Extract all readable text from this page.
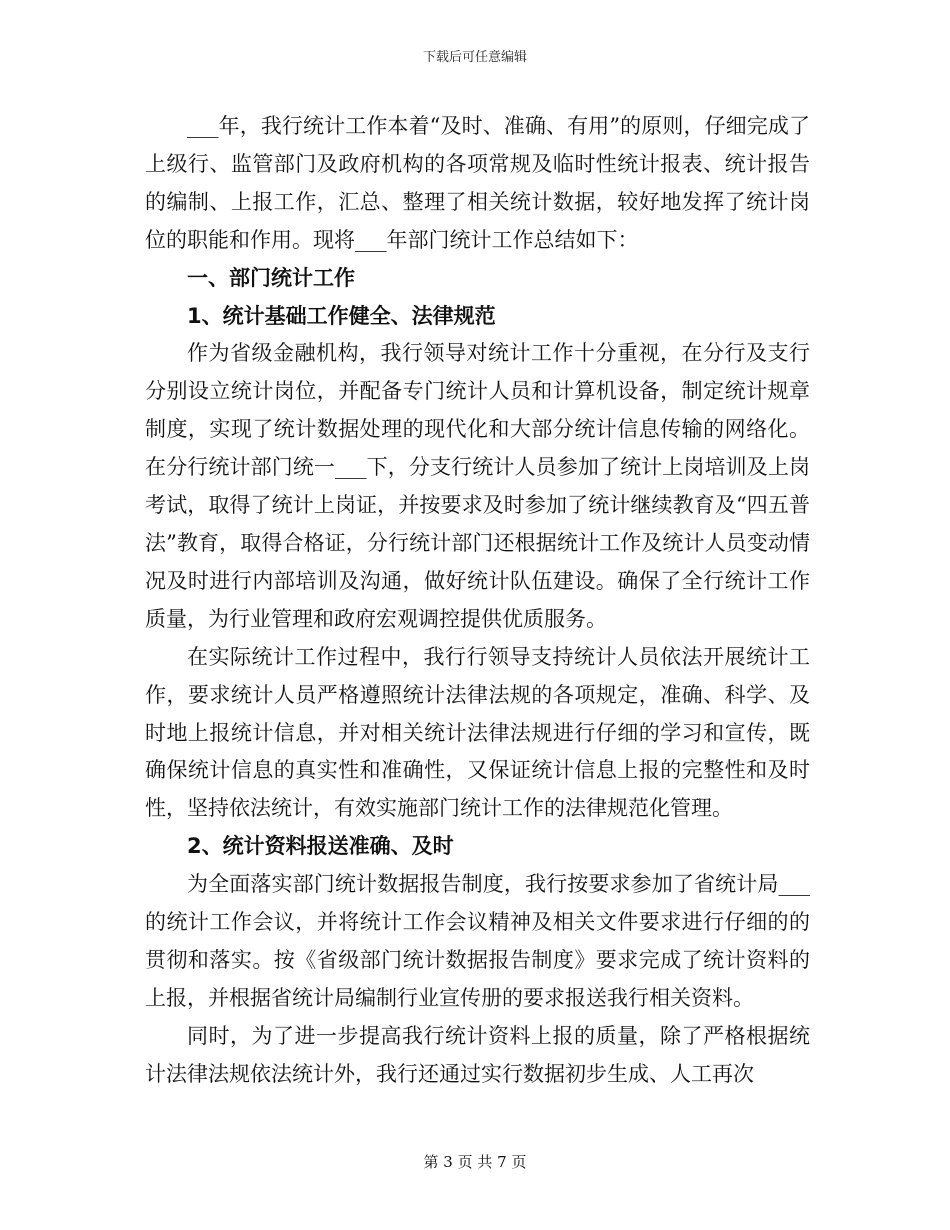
下载后可任意编辑

___年，我行统计工作本着“及时、准确、有用”的原则，仔细完成了上级行、监管部门及政府机构的各项常规及临时性统计报表、统计报告的编制、上报工作，汇总、整理了相关统计数据，较好地发挥了统计岗位的职能和作用。现将___年部门统计工作总结如下：

一、部门统计工作

1、统计基础工作健全、法律规范

作为省级金融机构，我行领导对统计工作十分重视，在分行及支行分别设立统计岗位，并配备专门统计人员和计算机设备，制定统计规章制度，实现了统计数据处理的现代化和大部分统计信息传输的网络化。在分行统计部门统一___下，分支行统计人员参加了统计上岗培训及上岗考试，取得了统计上岗证，并按要求及时参加了统计继续教育及“四五普法”教育，取得合格证，分行统计部门还根据统计工作及统计人员变动情况及时进行内部培训及沟通，做好统计队伍建设。确保了全行统计工作质量，为行业管理和政府宏观调控提供优质服务。

在实际统计工作过程中，我行行领导支持统计人员依法开展统计工作，要求统计人员严格遵照统计法律法规的各项规定，准确、科学、及时地上报统计信息，并对相关统计法律法规进行仔细的学习和宣传，既确保统计信息的真实性和准确性，又保证统计信息上报的完整性和及时性，坚持依法统计，有效实施部门统计工作的法律规范化管理。

2、统计资料报送准确、及时

为全面落实部门统计数据报告制度，我行按要求参加了省统计局___的统计工作会议，并将统计工作会议精神及相关文件要求进行仔细的的贯彻和落实。按《省级部门统计数据报告制度》要求完成了统计资料的上报，并根据省统计局编制行业宣传册的要求报送我行相关资料。

同时，为了进一步提高我行统计资料上报的质量，除了严格根据统计法律法规依法统计外，我行还通过实行数据初步生成、人工再次

第 3 页 共 7 页
